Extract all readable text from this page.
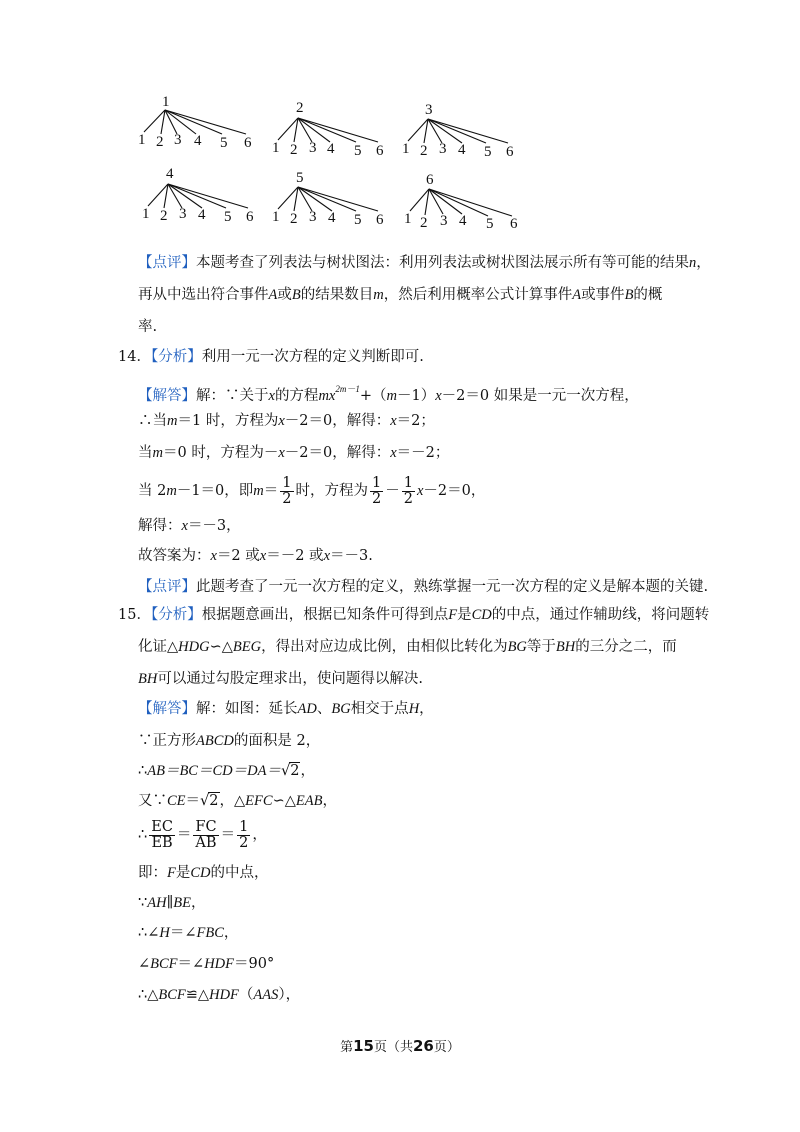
1
1 2 3 4 5 6
2
1 2 3 4 5 6
3
1 2 3 4 5 6
4
1 2 3 4 5 6
5
1 2 3 4 5 6
6
1 2 3 4 5 6
【点评】本题考查了列表法与树状图法：利用列表法或树状图法展示所有等可能的结果n，
再从中选出符合事件A或B的结果数目m，然后利用概率公式计算事件A或事件B的概
率.
14．【分析】利用一元一次方程的定义判断即可.
【解答】解：∵关于x的方程$mx^{2m-1}+(m-1)x-2=0$ 如果是一元一次方程，
∴当m＝1 时，方程为x－2＝0，解得：x＝2；
当m＝0 时，方程为－x－2＝0，解得：x＝－2；
当 2m－1＝0，即$m= \frac{1}{2}$ 时，方程为 $\frac{1}{2} - \frac{1}{2} x-2=0$，
解得：x＝－3，
故答案为：x＝2 或x＝－2 或x＝－3.
【点评】此题考查了一元一次方程的定义，熟练掌握一元一次方程的定义是解本题的关键.
15．【分析】根据题意画出，根据已知条件可得到点F是CD的中点，通过作辅助线，将问题转
化证△HDG∽△BEG，得出对应边成比例，由相似比转化为BG等于BH的三分之二，而
BH可以通过勾股定理求出，使问题得以解决.
【解答】解：如图：延长AD、BG相交于点H，
∵正方形ABCD的面积是 2，
∴AB＝BC＝CD＝DA＝√2，
又∵CE＝√2，△EFC∽△EAB，
∴ $\frac{EC}{EB} = \frac{FC}{AB} = \frac{1}{2}$ ，
即：F是CD的中点，
∵AH∥BE，
∴∠H＝∠FBC，
∠BCF＝∠HDF＝90°
∴△BCF≌△HDF（AAS），
第15页（共26页）
